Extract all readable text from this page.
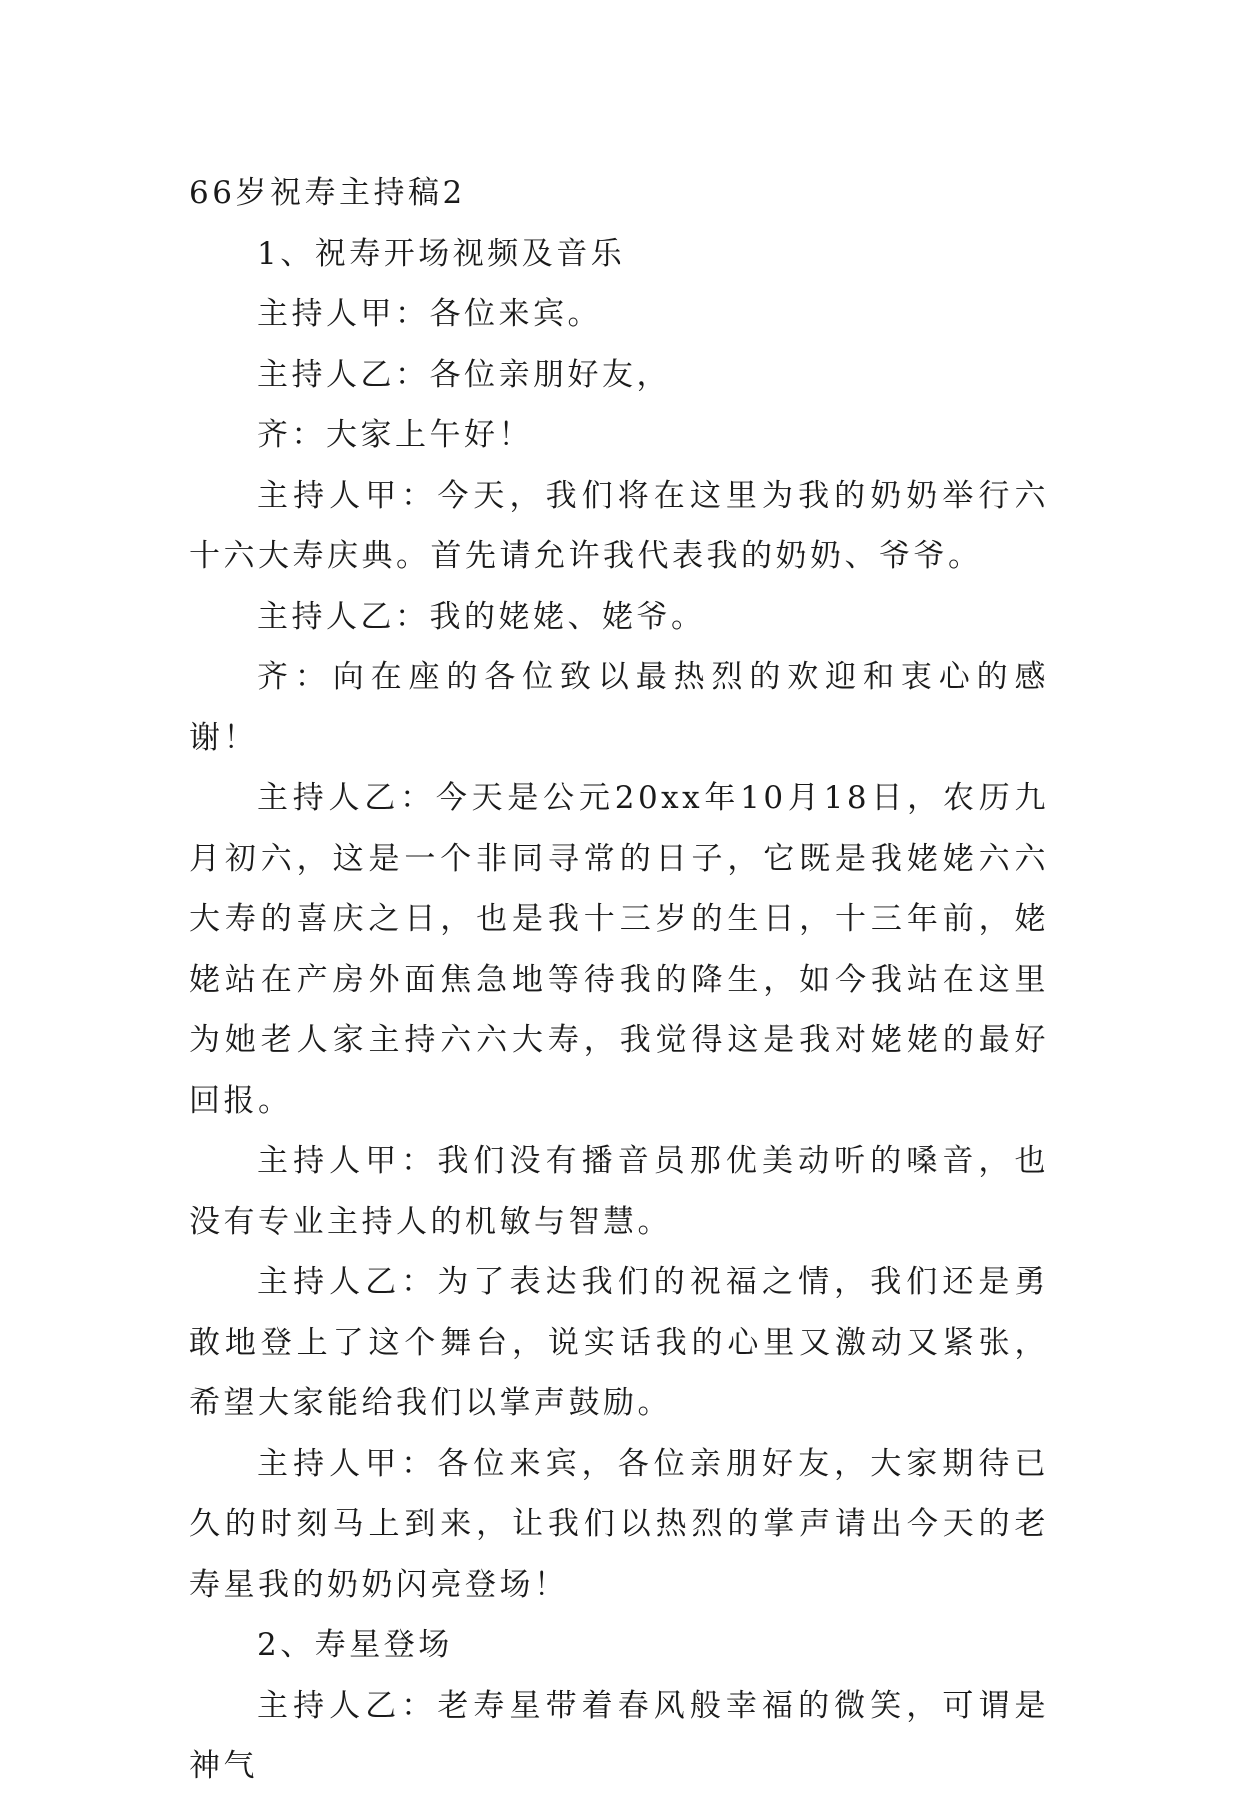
66岁祝寿主持稿2

1、祝寿开场视频及音乐

主持人甲：各位来宾。

主持人乙：各位亲朋好友，

齐：大家上午好！

主持人甲：今天，我们将在这里为我的奶奶举行六十六大寿庆典。首先请允许我代表我的奶奶、爷爷。

主持人乙：我的姥姥、姥爷。

齐：向在座的各位致以最热烈的欢迎和衷心的感谢！

主持人乙：今天是公元20xx年10月18日，农历九月初六，这是一个非同寻常的日子，它既是我姥姥六六大寿的喜庆之日，也是我十三岁的生日，十三年前，姥姥站在产房外面焦急地等待我的降生，如今我站在这里为她老人家主持六六大寿，我觉得这是我对姥姥的最好回报。

主持人甲：我们没有播音员那优美动听的嗓音，也没有专业主持人的机敏与智慧。

主持人乙：为了表达我们的祝福之情，我们还是勇敢地登上了这个舞台，说实话我的心里又激动又紧张，希望大家能给我们以掌声鼓励。

主持人甲：各位来宾，各位亲朋好友，大家期待已久的时刻马上到来，让我们以热烈的掌声请出今天的老寿星我的奶奶闪亮登场！

2、寿星登场

主持人乙：老寿星带着春风般幸福的微笑，可谓是神气
